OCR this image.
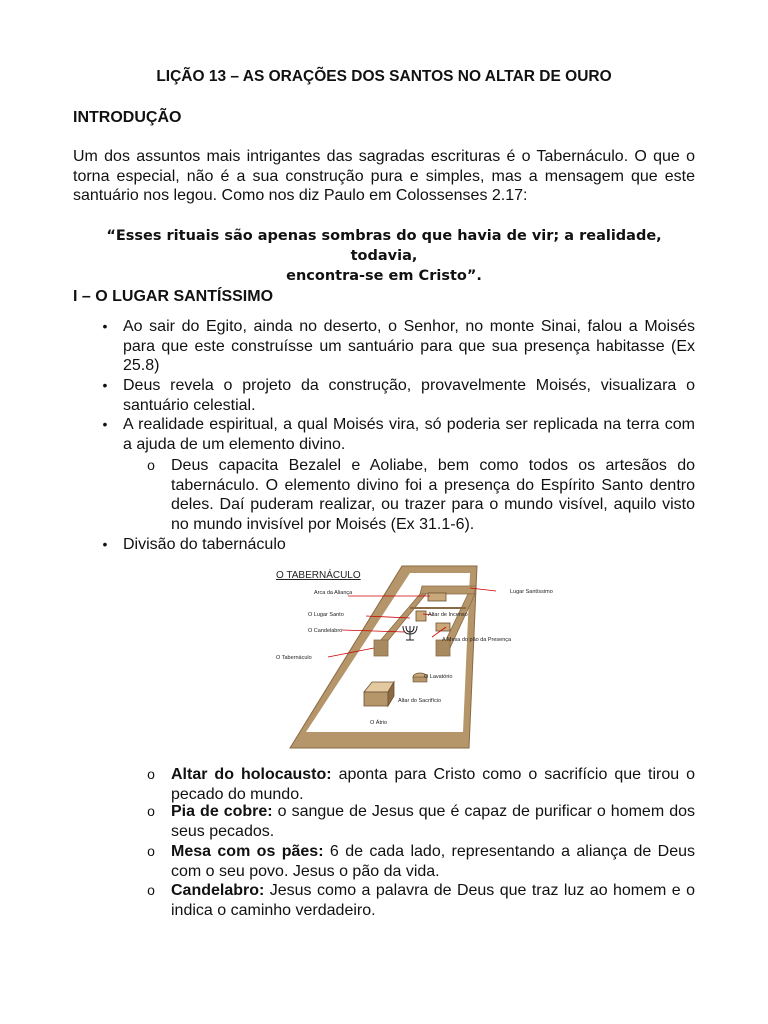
LIÇÃO 13 – AS ORAÇÕES DOS SANTOS NO ALTAR DE OURO
INTRODUÇÃO
Um dos assuntos mais intrigantes das sagradas escrituras é o Tabernáculo. O que o torna especial, não é a sua construção pura e simples, mas a mensagem que este santuário nos legou. Como nos diz Paulo em Colossenses 2.17:
“Esses rituais são apenas sombras do que havia de vir; a realidade, todavia,
encontra-se em Cristo”.
I – O LUGAR SANTÍSSIMO
• Ao sair do Egito, ainda no deserto, o Senhor, no monte Sinai, falou a Moisés para que este construísse um santuário para que sua presença habitasse (Ex 25.8)
• Deus revela o projeto da construção, provavelmente Moisés, visualizara o santuário celestial.
• A realidade espiritual, a qual Moisés vira, só poderia ser replicada na terra com a ajuda de um elemento divino.
o Deus capacita Bezalel e Aoliabe, bem como todos os artesãos do tabernáculo. O elemento divino foi a presença do Espírito Santo dentro deles. Daí puderam realizar, ou trazer para o mundo visível, aquilo visto no mundo invisível por Moisés (Ex 31.1-6).
• Divisão do tabernáculo
O TABERNÁCULO
Arca da Aliança	Lugar Santíssimo
O Lugar Santo	Altar de Incenso
O Candelabro
A Mesa do pão da Presença
O Tabernáculo
O Lavatório
Altar do Sacrifício
O Átrio
o Altar do holocausto: aponta para Cristo como o sacrifício que tirou o pecado do mundo.
o Pia de cobre: o sangue de Jesus que é capaz de purificar o homem dos seus pecados.
o Mesa com os pães: 6 de cada lado, representando a aliança de Deus com o seu povo. Jesus o pão da vida.
o Candelabro: Jesus como a palavra de Deus que traz luz ao homem e o indica o caminho verdadeiro.
